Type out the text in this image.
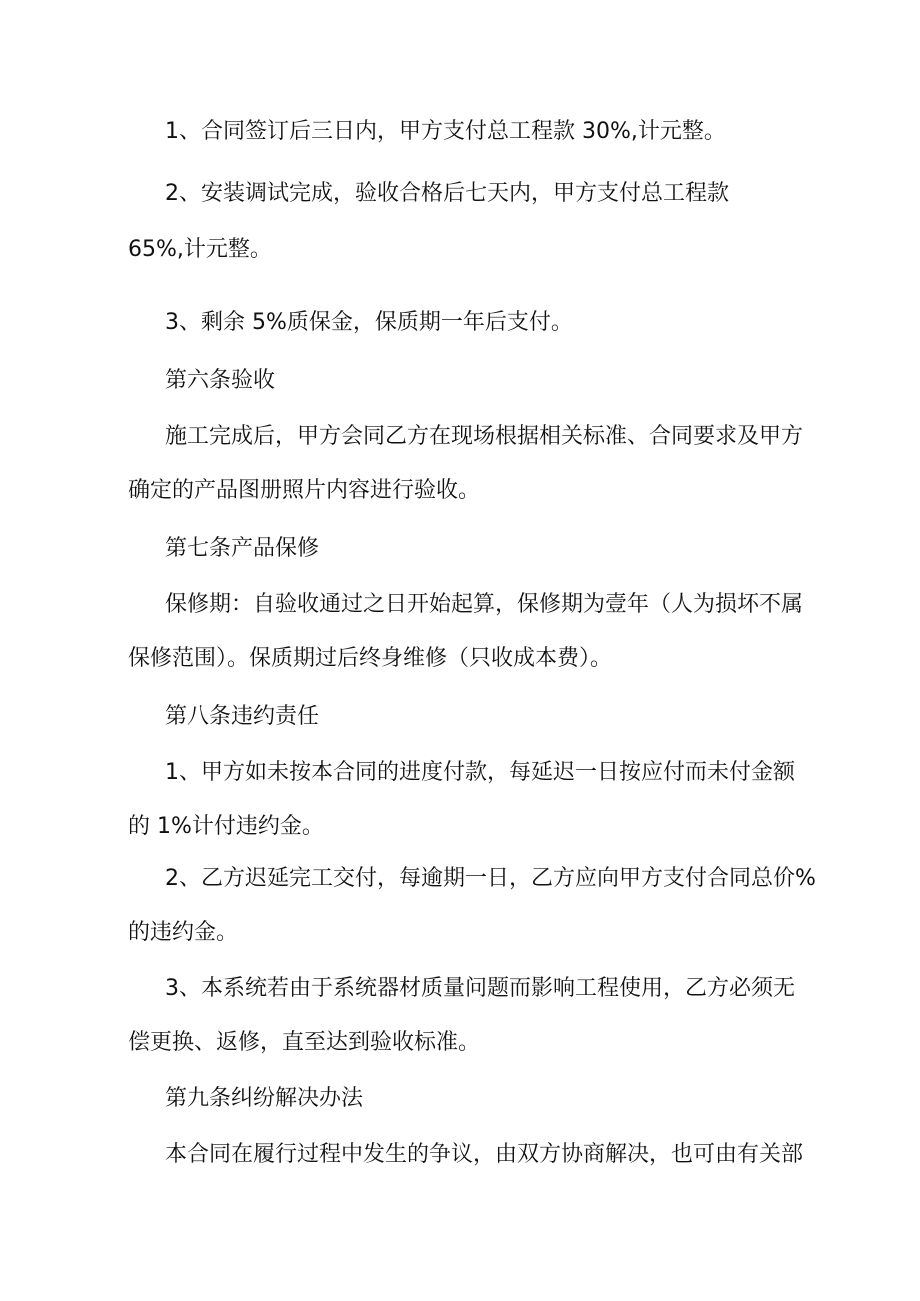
1、合同签订后三日内，甲方支付总工程款 30%,计元整。

2、安装调试完成，验收合格后七天内，甲方支付总工程款

65%,计元整。

3、剩余 5%质保金，保质期一年后支付。

第六条验收

施工完成后，甲方会同乙方在现场根据相关标准、合同要求及甲方

确定的产品图册照片内容进行验收。

第七条产品保修

保修期：自验收通过之日开始起算，保修期为壹年（人为损坏不属

保修范围）。保质期过后终身维修（只收成本费）。

第八条违约责任

1、甲方如未按本合同的进度付款，每延迟一日按应付而未付金额

的 1%计付违约金。

2、乙方迟延完工交付，每逾期一日，乙方应向甲方支付合同总价%

的违约金。

3、本系统若由于系统器材质量问题而影响工程使用，乙方必须无

偿更换、返修，直至达到验收标准。

第九条纠纷解决办法

本合同在履行过程中发生的争议，由双方协商解决，也可由有关部
